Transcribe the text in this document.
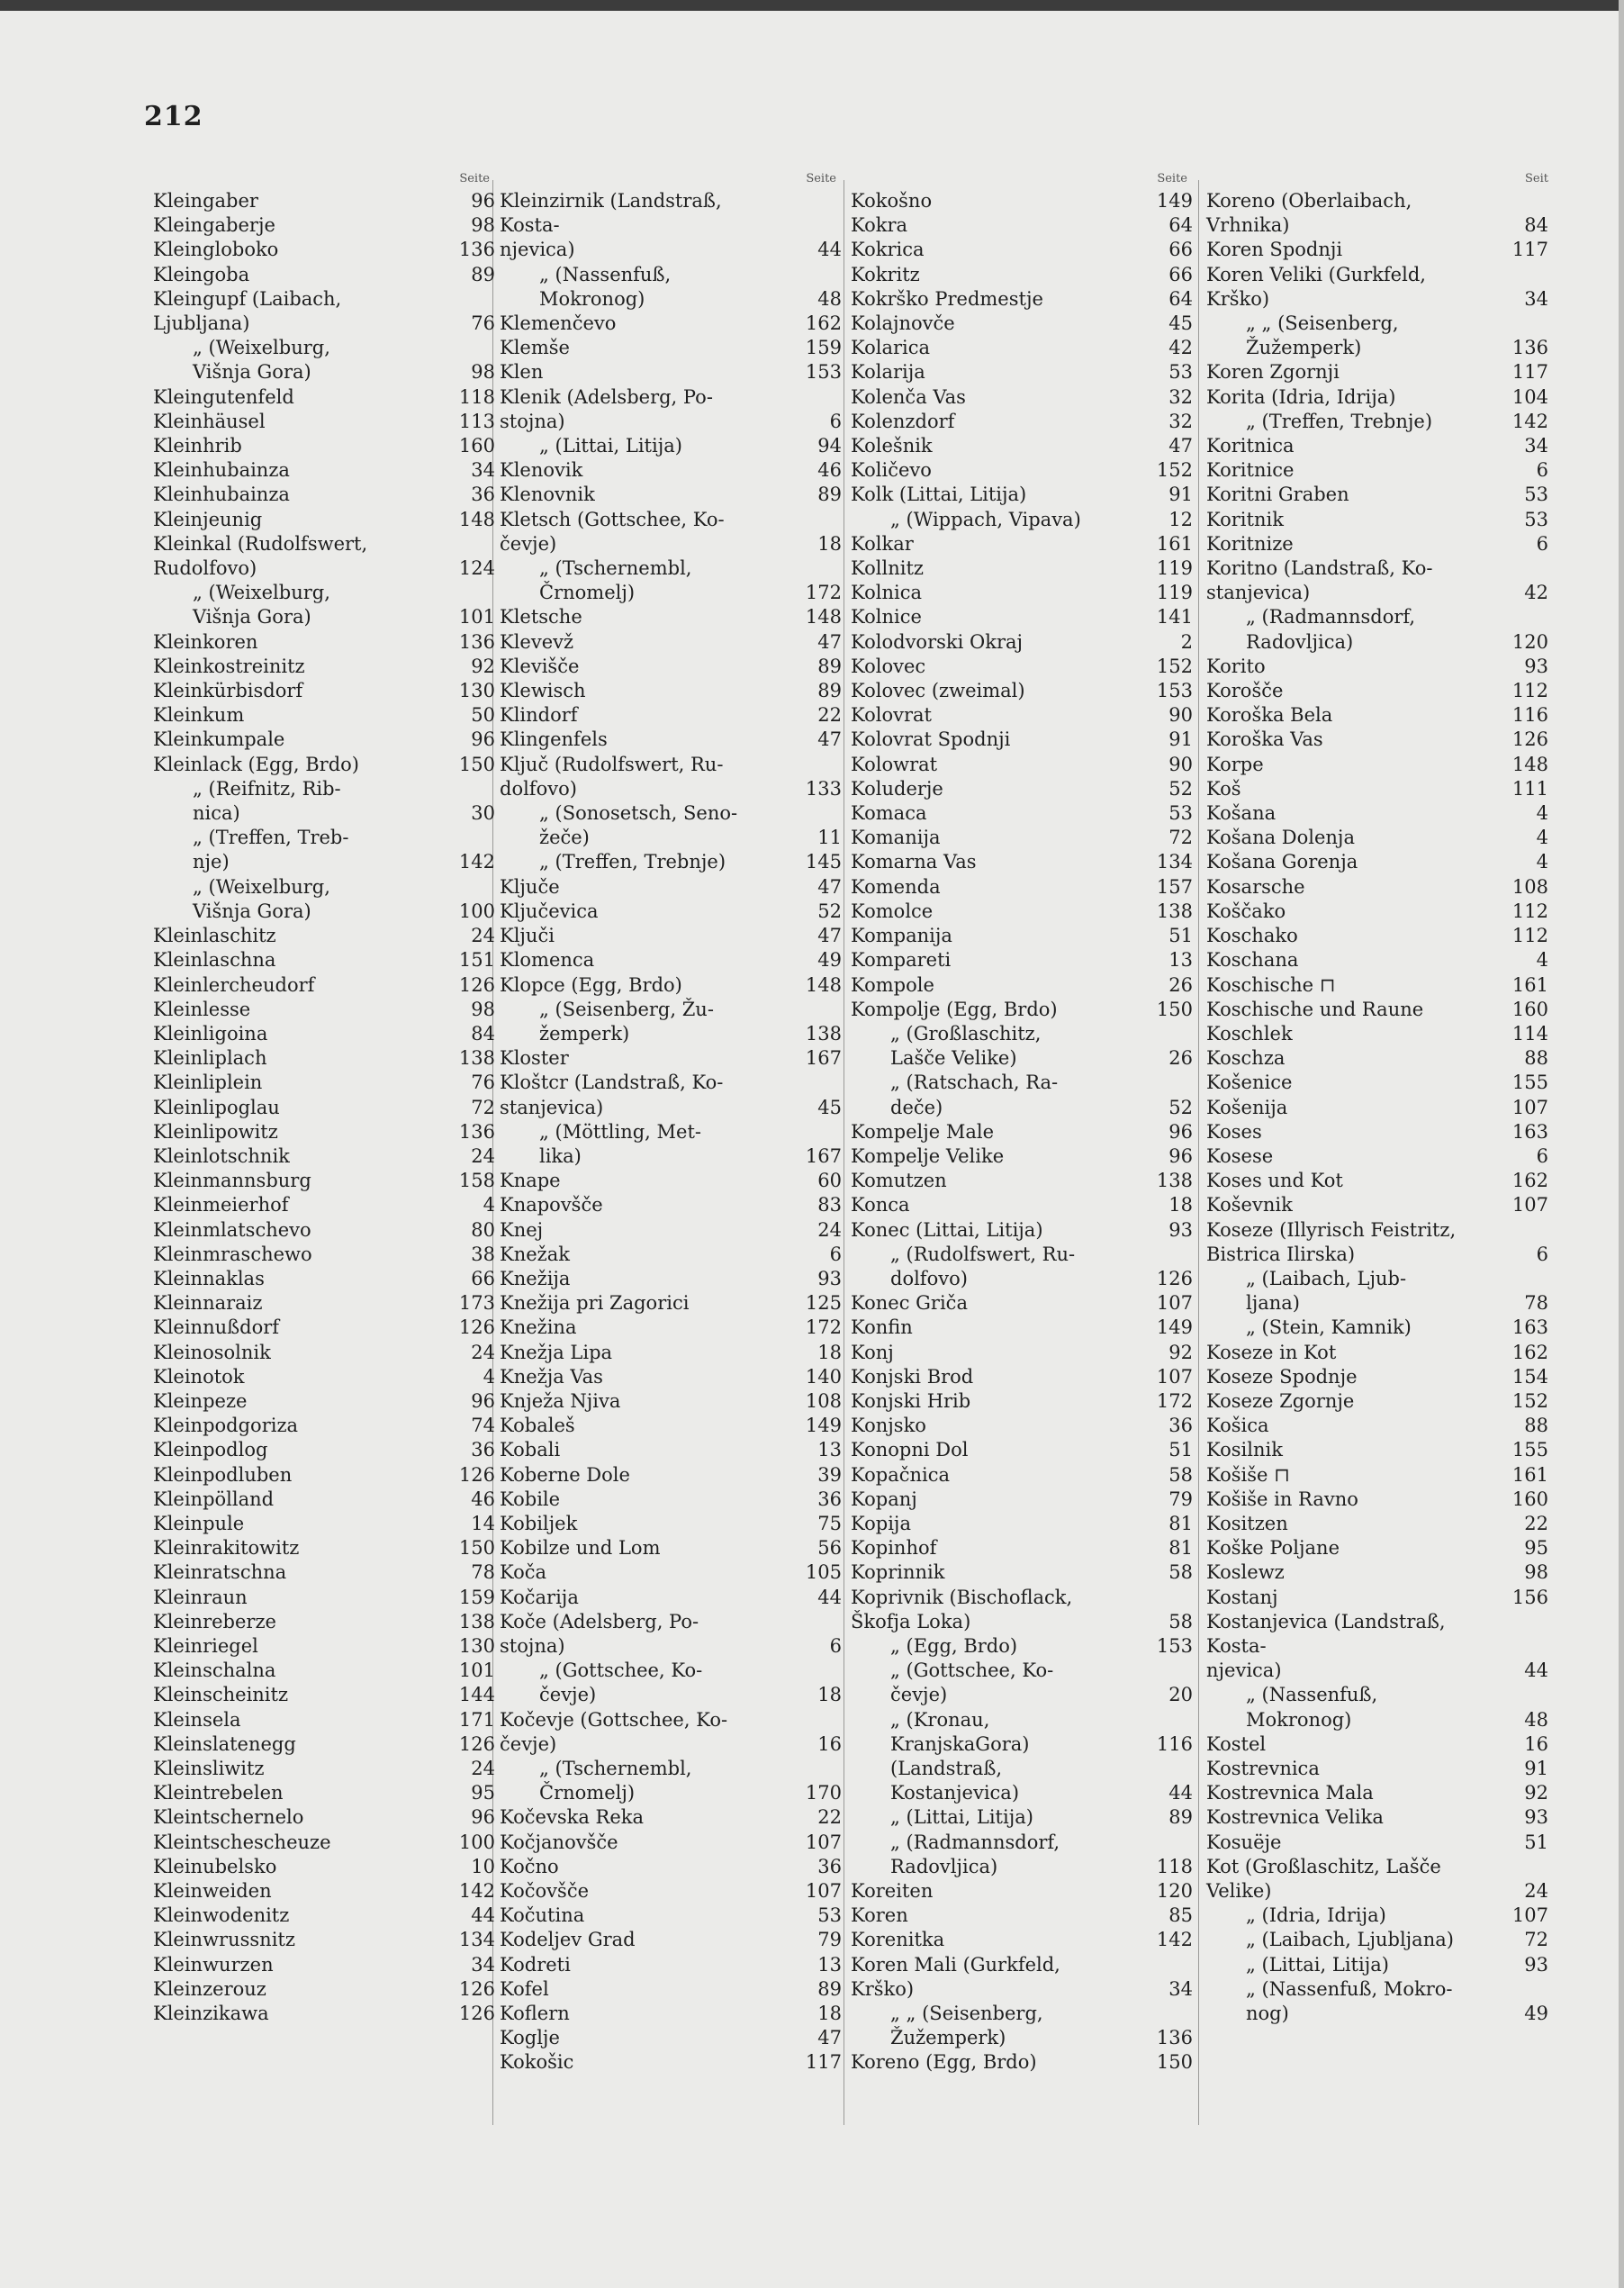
212
Seite
Kleingaber	96
Kleingaberje	98
Kleingloboko	136
Kleingoba	89
Kleingupf (Laibach,
Ljubljana)	76
„ (Weixelburg,
Višnja Gora)	98
Kleingutenfeld	118
Kleinhäusel	113
Kleinhrib	160
Kleinhubainza	34
Kleinhubainza	36
Kleinjeunig	148
Kleinkal (Rudolfswert,
Rudolfovo)	124
„ (Weixelburg,
Višnja Gora)	101
Kleinkoren	136
Kleinkostreinitz	92
Kleinkürbisdorf	130
Kleinkum	50
Kleinkumpale	96
Kleinlack (Egg, Brdo)	150
„ (Reifnitz, Rib-
nica)	30
„ (Treffen, Treb-
nje)	142
„ (Weixelburg,
Višnja Gora)	100
Kleinlaschitz	24
Kleinlaschna	151
Kleinlercheudorf	126
Kleinlesse	98
Kleinligoina	84
Kleinliplach	138
Kleinliplein	76
Kleinlipoglau	72
Kleinlipowitz	136
Kleinlotschnik	24
Kleinmannsburg	158
Kleinmeierhof	4
Kleinmlatschevo	80
Kleinmraschewo	38
Kleinnaklas	66
Kleinnaraiz	173
Kleinnußdorf	126
Kleinosolnik	24
Kleinotok	4
Kleinpeze	96
Kleinpodgoriza	74
Kleinpodlog	36
Kleinpodluben	126
Kleinpölland	46
Kleinpule	14
Kleinrakitowitz	150
Kleinratschna	78
Kleinraun	159
Kleinreberze	138
Kleinriegel	130
Kleinschalna	101
Kleinscheinitz	144
Kleinsela	171
Kleinslatenegg	126
Kleinsliwitz	24
Kleintrebelen	95
Kleintschernelo	96
Kleintschescheuze	100
Kleinubelsko	10
Kleinweiden	142
Kleinwodenitz	44
Kleinwrussnitz	134
Kleinwurzen	34
Kleinzerouz	126
Kleinzikawa	126
Seite
Kleinzirnik (Landstraß,
Kosta-
njevica)	44
„ (Nassenfuß,
Mokronog)	48
Klemenčevo	162
Klemše	159
Klen	153
Klenik (Adelsberg, Po-
stojna)	6
„ (Littai, Litija)	94
Klenovik	46
Klenovnik	89
Kletsch (Gottschee, Ko-
čevje)	18
„ (Tschernembl,
Črnomelj)	172
Kletsche	148
Klevevž	47
Klevišče	89
Klewisch	89
Klindorf	22
Klingenfels	47
Ključ (Rudolfswert, Ru-
dolfovo)	133
„ (Sonosetsch, Seno-
žeče)	11
„ (Treffen, Trebnje)	145
Ključe	47
Ključevica	52
Ključi	47
Klomenca	49
Klopce (Egg, Brdo)	148
„ (Seisenberg, Žu-
žemperk)	138
Kloster	167
Kloštcr (Landstraß, Ko-
stanjevica)	45
„ (Möttling, Met-
lika)	167
Knape	60
Knapovšče	83
Knej	24
Knežak	6
Knežija	93
Knežija pri Zagorici	125
Knežina	172
Knežja Lipa	18
Knežja Vas	140
Knježa Njiva	108
Kobaleš	149
Kobali	13
Koberne Dole	39
Kobile	36
Kobiljek	75
Kobilze und Lom	56
Koča	105
Kočarija	44
Koče (Adelsberg, Po-
stojna)	6
„ (Gottschee, Ko-
čevje)	18
Kočevje (Gottschee, Ko-
čevje)	16
„ (Tschernembl,
Črnomelj)	170
Kočevska Reka	22
Kočjanovšče	107
Kočno	36
Kočovšče	107
Kočutina	53
Kodeljev Grad	79
Kodreti	13
Kofel	89
Koflern	18
Koglje	47
Kokošic	117
Seite
Kokošno	149
Kokra	64
Kokrica	66
Kokritz	66
Kokrško Predmestje	64
Kolajnovče	45
Kolarica	42
Kolarija	53
Kolenča Vas	32
Kolenzdorf	32
Kolešnik	47
Količevo	152
Kolk (Littai, Litija)	91
„ (Wippach, Vipava)	12
Kolkar	161
Kollnitz	119
Kolnica	119
Kolnice	141
Kolodvorski Okraj	2
Kolovec	152
Kolovec (zweimal)	153
Kolovrat	90
Kolovrat Spodnji	91
Kolowrat	90
Koluderje	52
Komaca	53
Komanija	72
Komarna Vas	134
Komenda	157
Komolce	138
Kompanija	51
Kompareti	13
Kompole	26
Kompolje (Egg, Brdo)	150
„ (Großlaschitz,
Lašče Velike)	26
„ (Ratschach, Ra-
deče)	52
Kompelje Male	96
Kompelje Velike	96
Komutzen	138
Konca	18
Konec (Littai, Litija)	93
„ (Rudolfswert, Ru-
dolfovo)	126
Konec Griča	107
Konfin	149
Konj	92
Konjski Brod	107
Konjski Hrib	172
Konjsko	36
Konopni Dol	51
Kopačnica	58
Kopanj	79
Kopija	81
Kopinhof	81
Koprinnik	58
Koprivnik (Bischoflack,
Škofja Loka)	58
„ (Egg, Brdo)	153
„ (Gottschee, Ko-
čevje)	20
„ (Kronau,
KranjskaGora)	116
(Landstraß,
Kostanjevica)	44
„ (Littai, Litija)	89
„ (Radmannsdorf,
Radovljica)	118
Koreiten	120
Koren	85
Korenitka	142
Koren Mali (Gurkfeld,
Krško)	34
„ „ (Seisenberg,
Žužemperk)	136
Koreno (Egg, Brdo)	150
Seit
Koreno (Oberlaibach,
Vrhnika)	84
Koren Spodnji	117
Koren Veliki (Gurkfeld,
Krško)	34
„ „ (Seisenberg,
Žužemperk)	136
Koren Zgornji	117
Korita (Idria, Idrija)	104
„ (Treffen, Trebnje)	142
Koritnica	34
Koritnice	6
Koritni Graben	53
Koritnik	53
Koritnize	6
Koritno (Landstraß, Ko-
stanjevica)	42
„ (Radmannsdorf,
Radovljica)	120
Korito	93
Korošče	112
Koroška Bela	116
Koroška Vas	126
Korpe	148
Koš	111
Košana	4
Košana Dolenja	4
Košana Gorenja	4
Kosarsche	108
Koščako	112
Koschako	112
Koschana	4
Koschische ⊓	161
Koschische und Raune	160
Koschlek	114
Koschza	88
Košenice	155
Košenija	107
Koses	163
Kosese	6
Koses und Kot	162
Koševnik	107
Koseze (Illyrisch Feistritz,
Bistrica Ilirska)	6
„ (Laibach, Ljub-
ljana)	78
„ (Stein, Kamnik)	163
Koseze in Kot	162
Koseze Spodnje	154
Koseze Zgornje	152
Košica	88
Kosilnik	155
Košiše ⊓	161
Košiše in Ravno	160
Kositzen	22
Koške Poljane	95
Koslewz	98
Kostanj	156
Kostanjevica (Landstraß,
Kosta-
njevica)	44
„ (Nassenfuß,
Mokronog)	48
Kostel	16
Kostrevnica	91
Kostrevnica Mala	92
Kostrevnica Velika	93
Kosuëje	51
Kot (Großlaschitz, Lašče
Velike)	24
„ (Idria, Idrija)	107
„ (Laibach, Ljubljana)	72
„ (Littai, Litija)	93
„ (Nassenfuß, Mokro-
nog)	49
